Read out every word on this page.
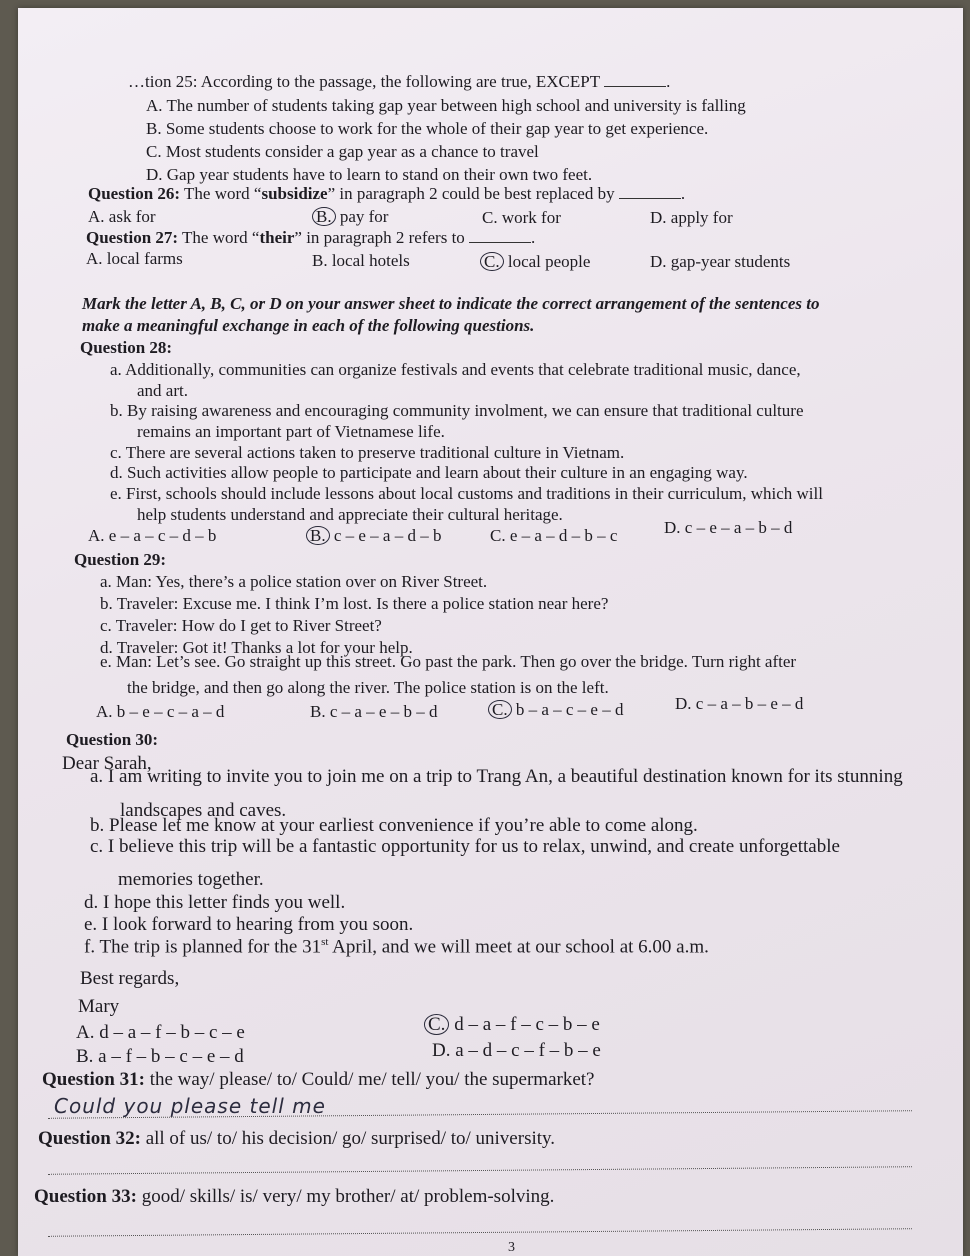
…tion 25: According to the passage, the following are true, EXCEPT	.
A. The number of students taking gap year between high school and university is falling
B. Some students choose to work for the whole of their gap year to get experience.
C. Most students consider a gap year as a chance to travel
D. Gap year students have to learn to stand on their own two feet.
Question 26: The word “subsidize” in paragraph 2 could be best replaced by	.
A. ask for	B. pay for	C. work for	D. apply for
Question 27: The word “their” in paragraph 2 refers to	.
A. local farms	B. local hotels	C. local people	D. gap-year students
Mark the letter A, B, C, or D on your answer sheet to indicate the correct arrangement of the sentences to
make a meaningful exchange in each of the following questions.
Question 28:
a. Additionally, communities can organize festivals and events that celebrate traditional music, dance,
and art.
b. By raising awareness and encouraging community involment, we can ensure that traditional culture
remains an important part of Vietnamese life.
c. There are several actions taken to preserve traditional culture in Vietnam.
d. Such activities allow people to participate and learn about their culture in an engaging way.
e. First, schools should include lessons about local customs and traditions in their curriculum, which will
help students understand and appreciate their cultural heritage.
A. e – a – c – d – b	B. c – e – a – d – b	C. e – a – d – b – c	D. c – e – a – b – d
Question 29:
a. Man: Yes, there’s a police station over on River Street.
b. Traveler: Excuse me. I think I’m lost. Is there a police station near here?
c. Traveler: How do I get to River Street?
d. Traveler: Got it! Thanks a lot for your help.
e. Man: Let’s see. Go straight up this street. Go past the park. Then go over the bridge. Turn right after
the bridge, and then go along the river. The police station is on the left.
A. b – e – c – a – d	B. c – a – e – b – d	C. b – a – c – e – d	D. c – a – b – e – d
Question 30:
Dear Sarah,
a. I am writing to invite you to join me on a trip to Trang An, a beautiful destination known for its stunning
landscapes and caves.
b. Please let me know at your earliest convenience if you’re able to come along.
c. I believe this trip will be a fantastic opportunity for us to relax, unwind, and create unforgettable
memories together.
d. I hope this letter finds you well.
e. I look forward to hearing from you soon.
f. The trip is planned for the 31st April, and we will meet at our school at 6.00 a.m.
Best regards,
Mary
A. d – a – f – b – c – e	C. d – a – f – c – b – e
B. a – f – b – c – e – d	D. a – d – c – f – b – e
Question 31: the way/ please/ to/ Could/ me/ tell/ you/ the supermarket?
Could you please tell me
Question 32: all of us/ to/ his decision/ go/ surprised/ to/ university.
Question 33: good/ skills/ is/ very/ my brother/ at/ problem-solving.
3
